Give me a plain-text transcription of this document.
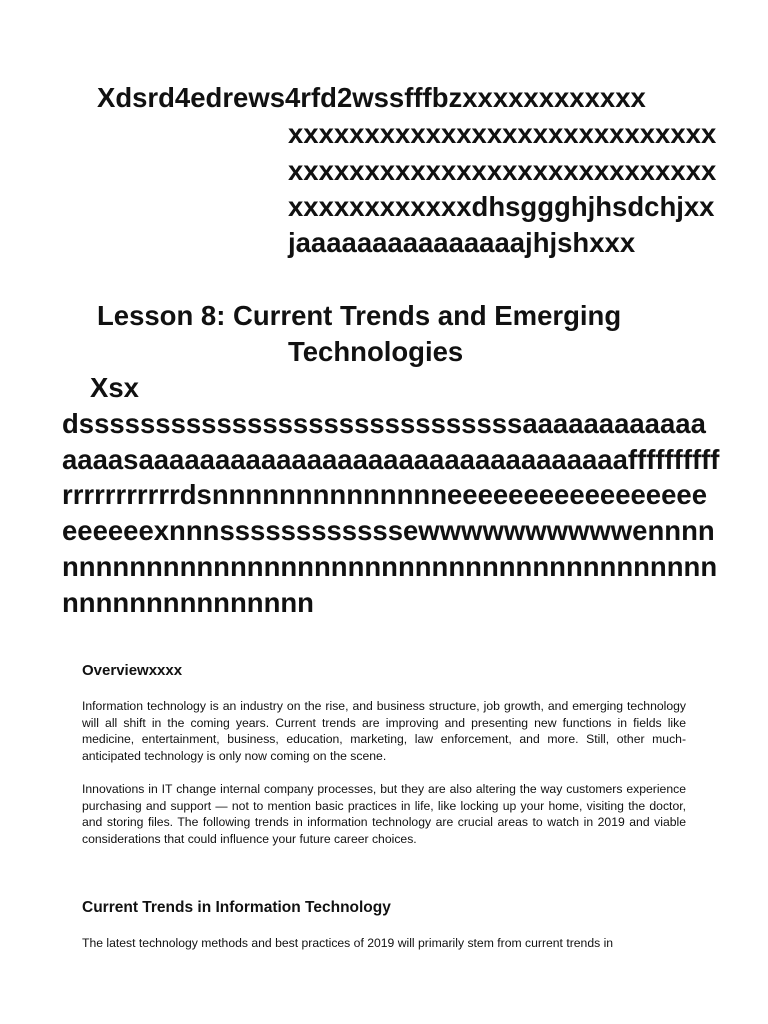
Xdsrd4edrews4rfd2wssfffbzxxxxxxxxxxxx
xxxxxxxxxxxxxxxxxxxxxxxxxxxxxxxxxxxxxxxxxxxxxxxxxxxxxxxxxxxxxxxxxxxxdhsggghjhsdchjxxjaaaaaaaaaaaaaaajhjshxxx
Lesson 8: Current Trends and Emerging
Technologies
Xsx
dsssssssssssssssssssssssssssssaaaaaaaaaaaaaaaasaaaaaaaaaaaaaaaaaaaaaaaaaaaaaaaaffffffffffrrrrrrrrrrrdsnnnnnnnnnnnnnneeeeeeeeeeeeeeeeeeeeeeexnnnssssssssssssewwwwwwwwwwennnnnnnnnnnnnnnnnnnnnnnnnnnnnnnnnnnnnnnnnnnnnnnnnnnnnnnnnn
Overviewxxxx

Information technology is an industry on the rise, and business structure, job growth, and emerging technology will all shift in the coming years. Current trends are improving and presenting new functions in fields like medicine, entertainment, business, education, marketing, law enforcement, and more. Still, other much-anticipated technology is only now coming on the scene.

Innovations in IT change internal company processes, but they are also altering the way customers experience purchasing and support — not to mention basic practices in life, like locking up your home, visiting the doctor, and storing files. The following trends in information technology are crucial areas to watch in 2019 and viable considerations that could influence your future career choices.

Current Trends in Information Technology

The latest technology methods and best practices of 2019 will primarily stem from current trends in
